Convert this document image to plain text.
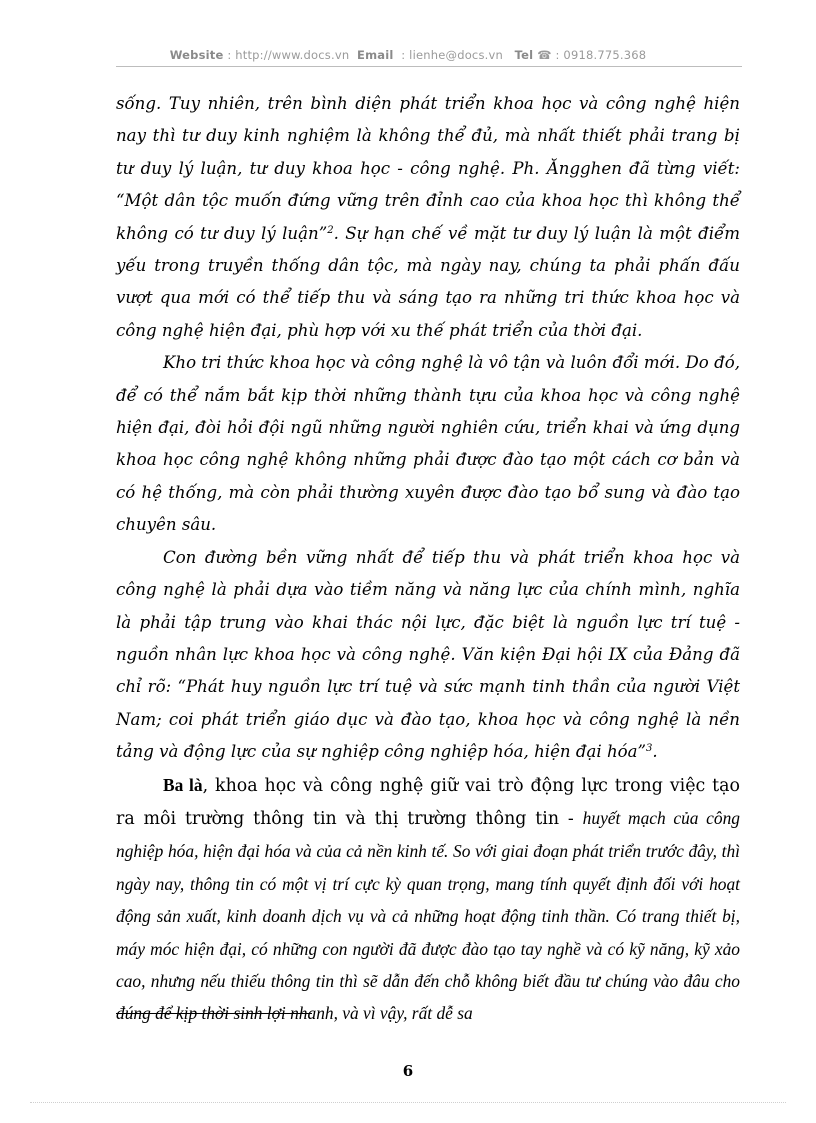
Website : http://www.docs.vn Email : lienhe@docs.vn Tel ☎ : 0918.775.368

sống. Tuy nhiên, trên bình diện phát triển khoa học và công nghệ hiện nay thì tư duy kinh nghiệm là không thể đủ, mà nhất thiết phải trang bị tư duy lý luận, tư duy khoa học - công nghệ. Ph. Ăngghen đã từng viết: “Một dân tộc muốn đứng vững trên đỉnh cao của khoa học thì không thể không có tư duy lý luận”$^2$. Sự hạn chế về mặt tư duy lý luận là một điểm yếu trong truyền thống dân tộc, mà ngày nay, chúng ta phải phấn đấu vượt qua mới có thể tiếp thu và sáng tạo ra những tri thức khoa học và công nghệ hiện đại, phù hợp với xu thế phát triển của thời đại.

Kho tri thức khoa học và công nghệ là vô tận và luôn đổi mới. Do đó, để có thể nắm bắt kịp thời những thành tựu của khoa học và công nghệ hiện đại, đòi hỏi đội ngũ những người nghiên cứu, triển khai và ứng dụng khoa học công nghệ không những phải được đào tạo một cách cơ bản và có hệ thống, mà còn phải thường xuyên được đào tạo bổ sung và đào tạo chuyên sâu.

Con đường bền vững nhất để tiếp thu và phát triển khoa học và công nghệ là phải dựa vào tiềm năng và năng lực của chính mình, nghĩa là phải tập trung vào khai thác nội lực, đặc biệt là nguồn lực trí tuệ - nguồn nhân lực khoa học và công nghệ. Văn kiện Đại hội IX của Đảng đã chỉ rõ: “Phát huy nguồn lực trí tuệ và sức mạnh tinh thần của người Việt Nam; coi phát triển giáo dục và đào tạo, khoa học và công nghệ là nền tảng và động lực của sự nghiệp công nghiệp hóa, hiện đại hóa”$^3$.

Ba là, khoa học và công nghệ giữ vai trò động lực trong việc tạo ra môi trường thông tin và thị trường thông tin - huyết mạch của công nghiệp hóa, hiện đại hóa và của cả nền kinh tế. So với giai đoạn phát triển trước đây, thì ngày nay, thông tin có một vị trí cực kỳ quan trọng, mang tính quyết định đối với hoạt động sản xuất, kinh doanh dịch vụ và cả những hoạt động tinh thần. Có trang thiết bị, máy móc hiện đại, có những con người đã được đào tạo tay nghề và có kỹ năng, kỹ xảo cao, nhưng nếu thiếu thông tin thì sẽ dẫn đến chỗ không biết đầu tư chúng vào đâu cho đúng để kịp thời sinh lợi nhanh, và vì vậy, rất dễ sa

6
